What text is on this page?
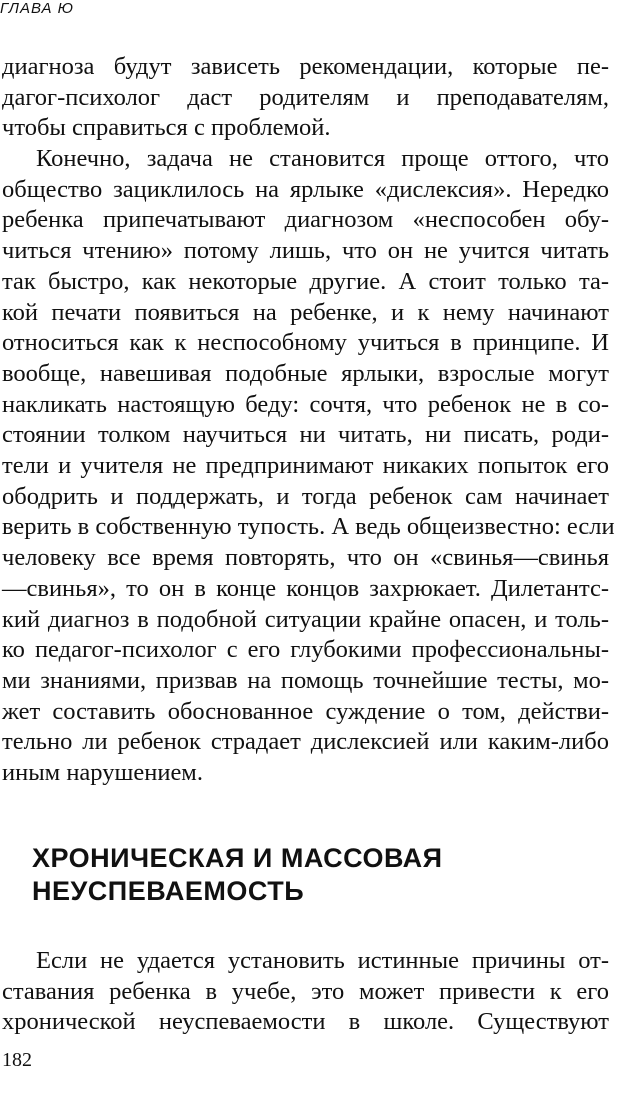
ГЛАВА Ю

диагноза будут зависеть рекомендации, которые пе-
дагог-психолог даст родителям и преподавателям,
чтобы справиться с проблемой.

Конечно, задача не становится проще оттого, что
общество зациклилось на ярлыке «дислексия». Нередко
ребенка припечатывают диагнозом «неспособен обу-
читься чтению» потому лишь, что он не учится читать
так быстро, как некоторые другие. А стоит только та-
кой печати появиться на ребенке, и к нему начинают
относиться как к неспособному учиться в принципе. И
вообще, навешивая подобные ярлыки, взрослые могут
накликать настоящую беду: сочтя, что ребенок не в со-
стоянии толком научиться ни читать, ни писать, роди-
тели и учителя не предпринимают никаких попыток его
ободрить и поддержать, и тогда ребенок сам начинает
верить в собственную тупость. А ведь общеизвестно: если
человеку все время повторять, что он «свинья—свинья
—свинья», то он в конце концов захрюкает. Дилетантс-
кий диагноз в подобной ситуации крайне опасен, и толь-
ко педагог-психолог с его глубокими профессиональны-
ми знаниями, призвав на помощь точнейшие тесты, мо-
жет составить обоснованное суждение о том, действи-
тельно ли ребенок страдает дислексией или каким-либо
иным нарушением.

ХРОНИЧЕСКАЯ И МАССОВАЯ
НЕУСПЕВАЕМОСТЬ

Если не удается установить истинные причины от-
ставания ребенка в учебе, это может привести к его
хронической неуспеваемости в школе. Существуют

182
